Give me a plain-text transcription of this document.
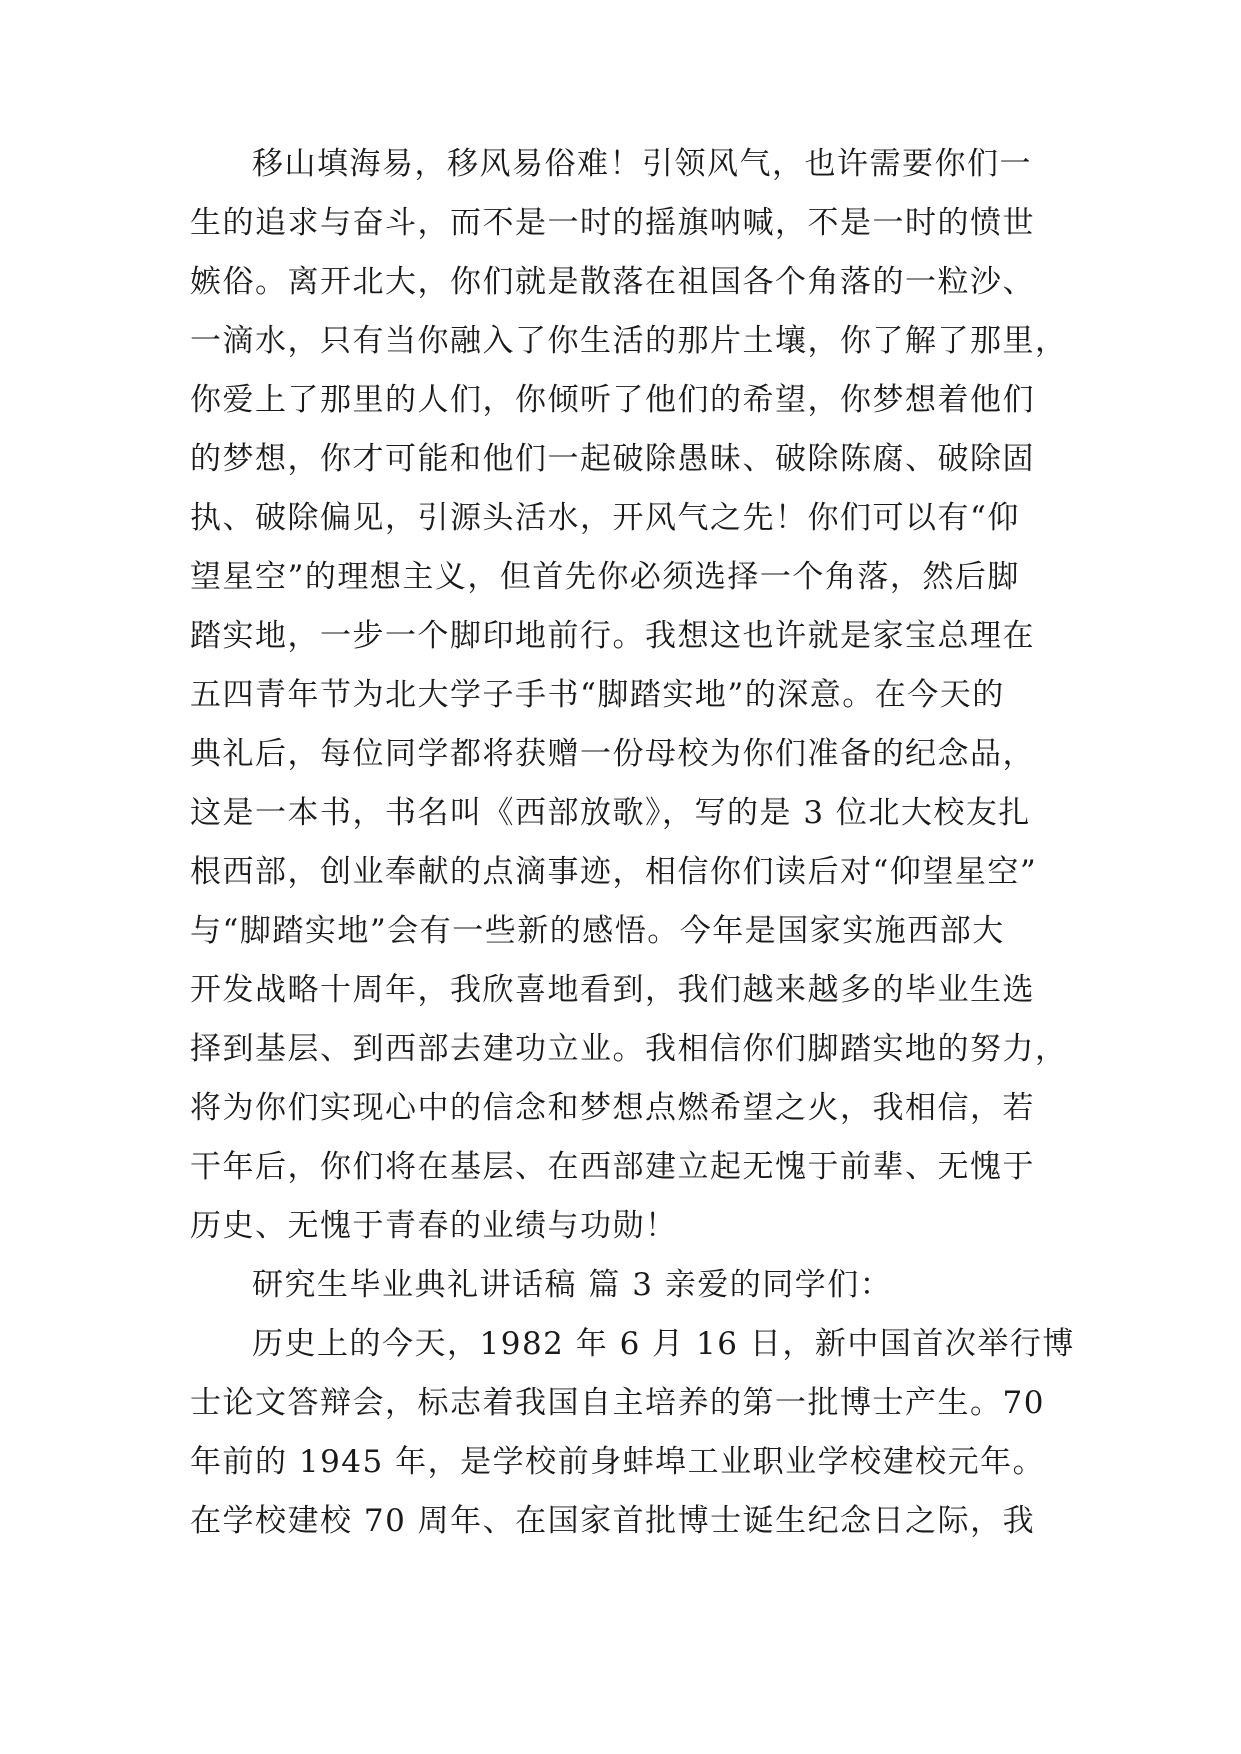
移山填海易，移风易俗难！引领风气，也许需要你们一
生的追求与奋斗，而不是一时的摇旗呐喊，不是一时的愤世
嫉俗。离开北大，你们就是散落在祖国各个角落的一粒沙、
一滴水，只有当你融入了你生活的那片土壤，你了解了那里，
你爱上了那里的人们，你倾听了他们的希望，你梦想着他们
的梦想，你才可能和他们一起破除愚昧、破除陈腐、破除固
执、破除偏见，引源头活水，开风气之先！你们可以有“仰
望星空”的理想主义，但首先你必须选择一个角落，然后脚
踏实地，一步一个脚印地前行。我想这也许就是家宝总理在
五四青年节为北大学子手书“脚踏实地”的深意。在今天的
典礼后，每位同学都将获赠一份母校为你们准备的纪念品，
这是一本书，书名叫《西部放歌》，写的是 3 位北大校友扎
根西部，创业奉献的点滴事迹，相信你们读后对“仰望星空”
与“脚踏实地”会有一些新的感悟。今年是国家实施西部大
开发战略十周年，我欣喜地看到，我们越来越多的毕业生选
择到基层、到西部去建功立业。我相信你们脚踏实地的努力，
将为你们实现心中的信念和梦想点燃希望之火，我相信，若
干年后，你们将在基层、在西部建立起无愧于前辈、无愧于
历史、无愧于青春的业绩与功勋！
研究生毕业典礼讲话稿 篇 3 亲爱的同学们：
历史上的今天，1982 年 6 月 16 日，新中国首次举行博
士论文答辩会，标志着我国自主培养的第一批博士产生。70
年前的 1945 年，是学校前身蚌埠工业职业学校建校元年。
在学校建校 70 周年、在国家首批博士诞生纪念日之际，我
